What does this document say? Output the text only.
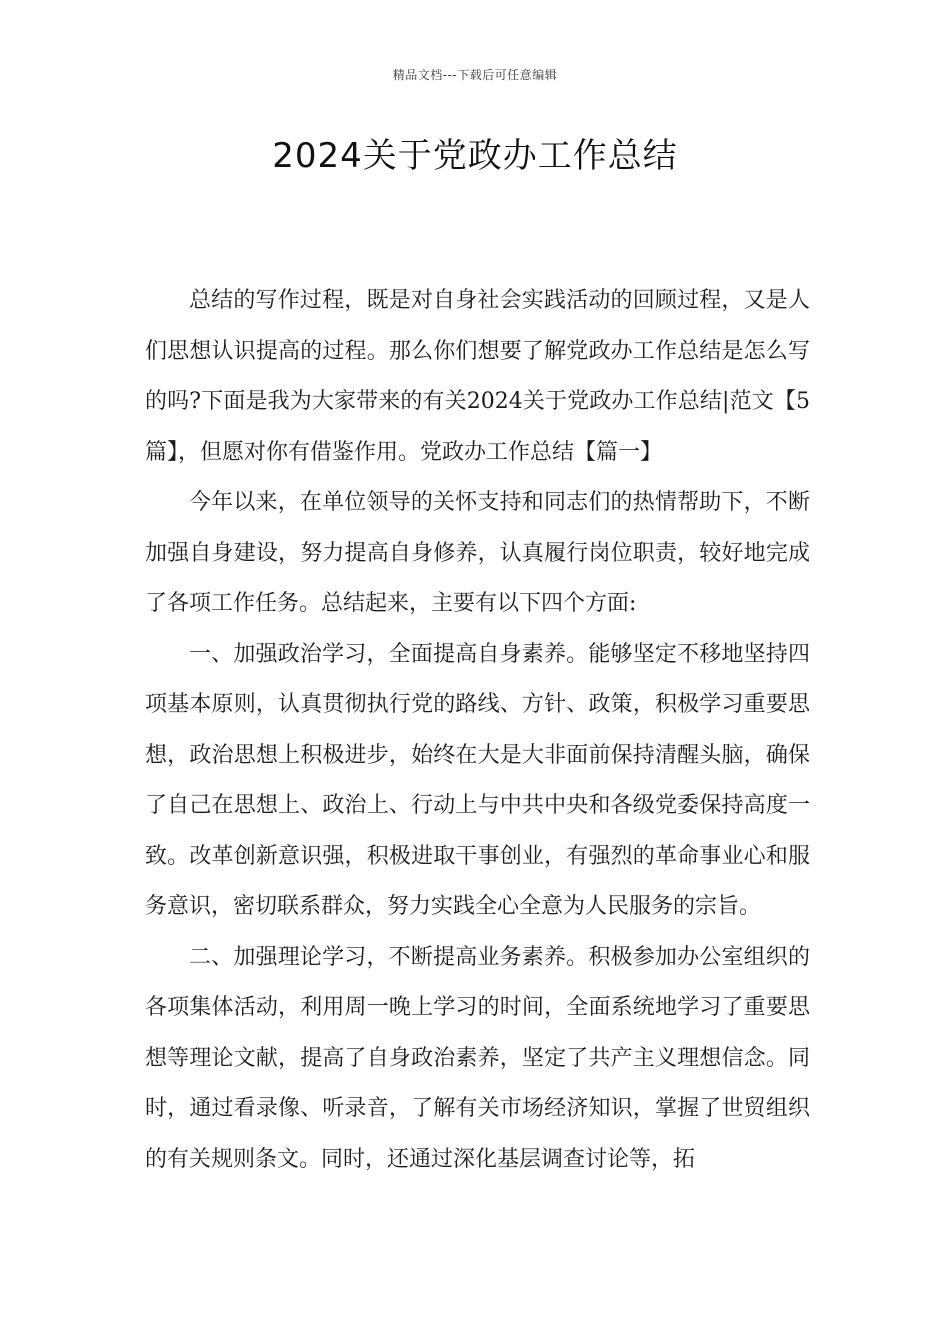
精品文档---下载后可任意编辑
2024关于党政办工作总结

总结的写作过程，既是对自身社会实践活动的回顾过程，又是人们思想认识提高的过程。那么你们想要了解党政办工作总结是怎么写的吗?下面是我为大家带来的有关2024关于党政办工作总结|范文【5篇】，但愿对你有借鉴作用。党政办工作总结【篇一】

今年以来，在单位领导的关怀支持和同志们的热情帮助下，不断加强自身建设，努力提高自身修养，认真履行岗位职责，较好地完成了各项工作任务。总结起来，主要有以下四个方面:

一、加强政治学习，全面提高自身素养。能够坚定不移地坚持四项基本原则，认真贯彻执行党的路线、方针、政策，积极学习重要思想，政治思想上积极进步，始终在大是大非面前保持清醒头脑，确保了自己在思想上、政治上、行动上与中共中央和各级党委保持高度一致。改革创新意识强，积极进取干事创业，有强烈的革命事业心和服务意识，密切联系群众，努力实践全心全意为人民服务的宗旨。

二、加强理论学习，不断提高业务素养。积极参加办公室组织的各项集体活动，利用周一晚上学习的时间，全面系统地学习了重要思想等理论文献，提高了自身政治素养，坚定了共产主义理想信念。同时，通过看录像、听录音，了解有关市场经济知识，掌握了世贸组织的有关规则条文。同时，还通过深化基层调查讨论等，拓
